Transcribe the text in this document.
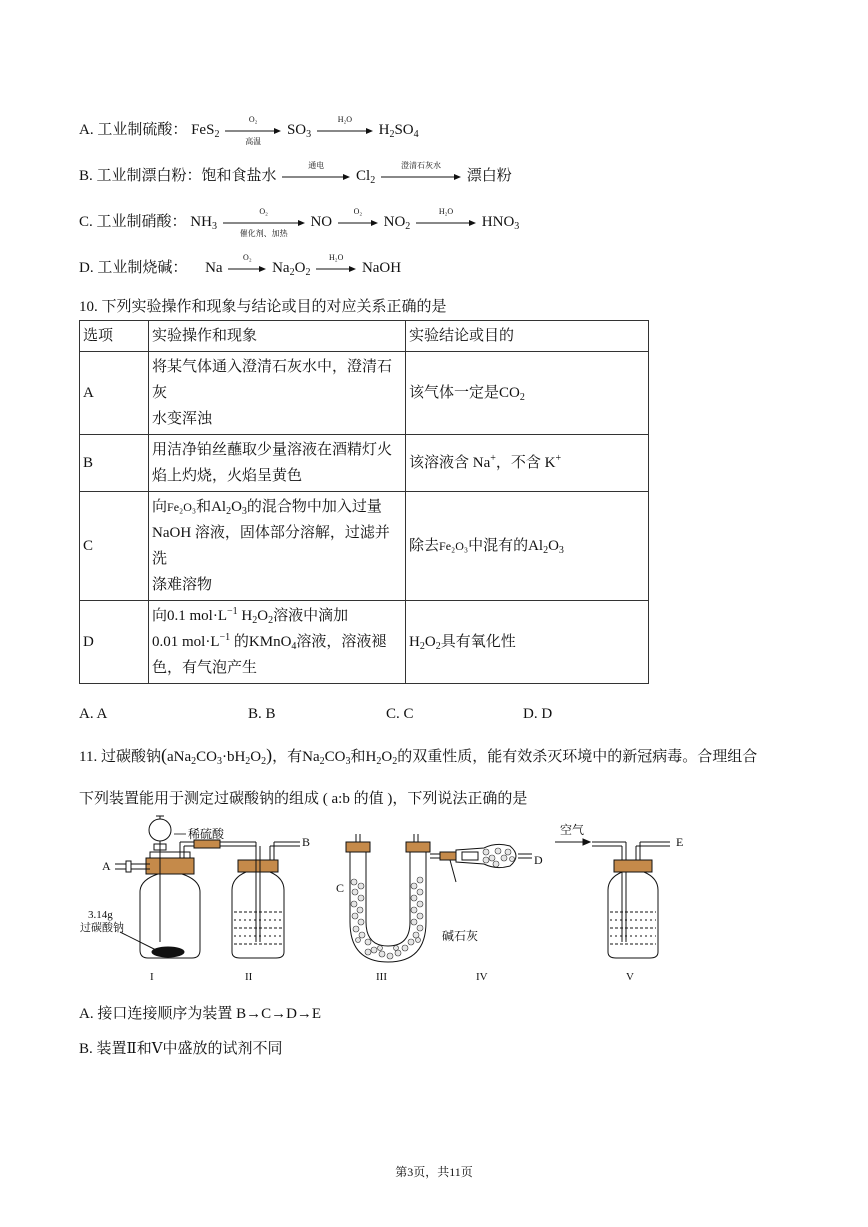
A. 工业制硫酸： FeS$_2$
O₂
高温
$SO_3$
H₂O
$H_2SO_4$
B. 工业制漂白粉：饱和食盐水
通电
$Cl_2$
澄清石灰水
漂白粉
C. 工业制硝酸： $NH_3$
O₂
催化剂、加热
NO
O₂
$NO_2$
H₂O
$HNO_3$
D. 工业制烧碱： Na
O₂
$Na_2O_2$
H₂O
NaOH
10. 下列实验操作和现象与结论或目的对应关系正确的是
选项	实验操作和现象	实验结论或目的
A	将某气体通入澄清石灰水中，澄清石灰
水变浑浊	该气体一定是$CO_2$
B	用洁净铂丝蘸取少量溶液在酒精灯火
焰上灼烧，火焰呈黄色	该溶液含 Na+，不含 K+
C	向Fe₂O₃和$Al_2O_3$的混合物中加入过量
NaOH 溶液，固体部分溶解，过滤并洗
涤难溶物	除去Fe₂O₃中混有的$Al_2O_3$
D	向0.1 $mol\cdot L^{-1}$ $H_2O_2$溶液中滴加
0.01 $mol\cdot L^{-1}$ 的KMnO$_4$溶液，溶液褪
色，有气泡产生	$H_2O_2$具有氧化性
A. A	B. B	C. C	D. D
11. 过碳酸钠$(aNa_2CO_3\cdot bH_2O_2)$，有$Na_2CO_3$和$H_2O_2$的双重性质，能有效杀灭环境中的新冠病毒。合理组合
下列装置能用于测定过碳酸钠的组成 ( a:b 的值 )，下列说法正确的是
稀硫酸
A
B
3.14g
过碳酸钠
C
D
碱石灰
空气
E
I	II	III	IV	V
A. 接口连接顺序为装置 B→C→D→E
B. 装置Ⅱ和Ⅴ中盛放的试剂不同
第3页，共11页
